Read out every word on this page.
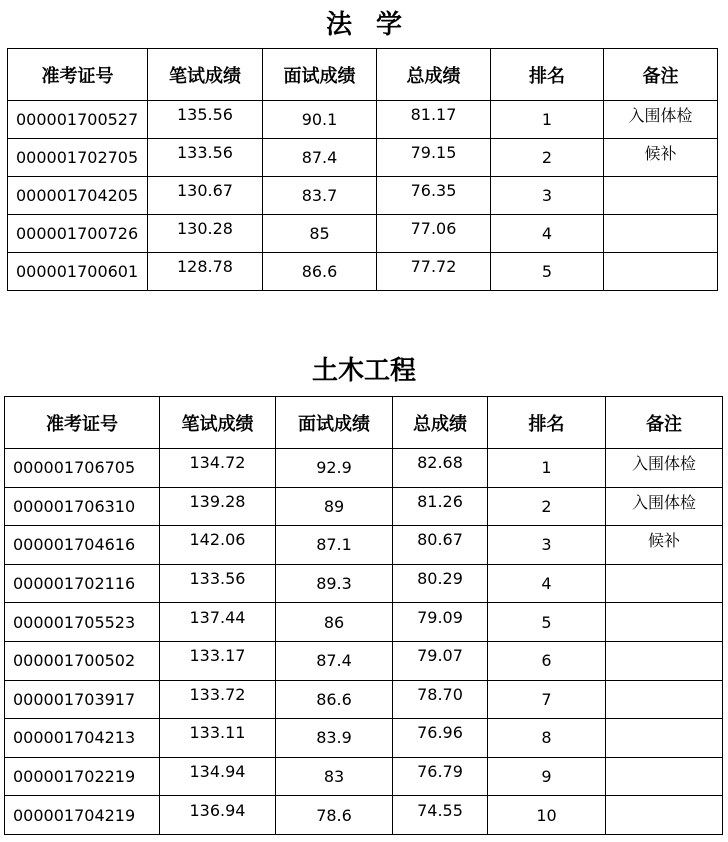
法学
准考证号	笔试成绩	面试成绩	总成绩	排名	备注
000001700527	135.56	90.1	81.17	1	入围体检
000001702705	133.56	87.4	79.15	2	候补
000001704205	130.67	83.7	76.35	3	
000001700726	130.28	85	77.06	4	
000001700601	128.78	86.6	77.72	5	
土木工程
准考证号	笔试成绩	面试成绩	总成绩	排名	备注
000001706705	134.72	92.9	82.68	1	入围体检
000001706310	139.28	89	81.26	2	入围体检
000001704616	142.06	87.1	80.67	3	候补
000001702116	133.56	89.3	80.29	4	
000001705523	137.44	86	79.09	5	
000001700502	133.17	87.4	79.07	6	
000001703917	133.72	86.6	78.70	7	
000001704213	133.11	83.9	76.96	8	
000001702219	134.94	83	76.79	9	
000001704219	136.94	78.6	74.55	10	
